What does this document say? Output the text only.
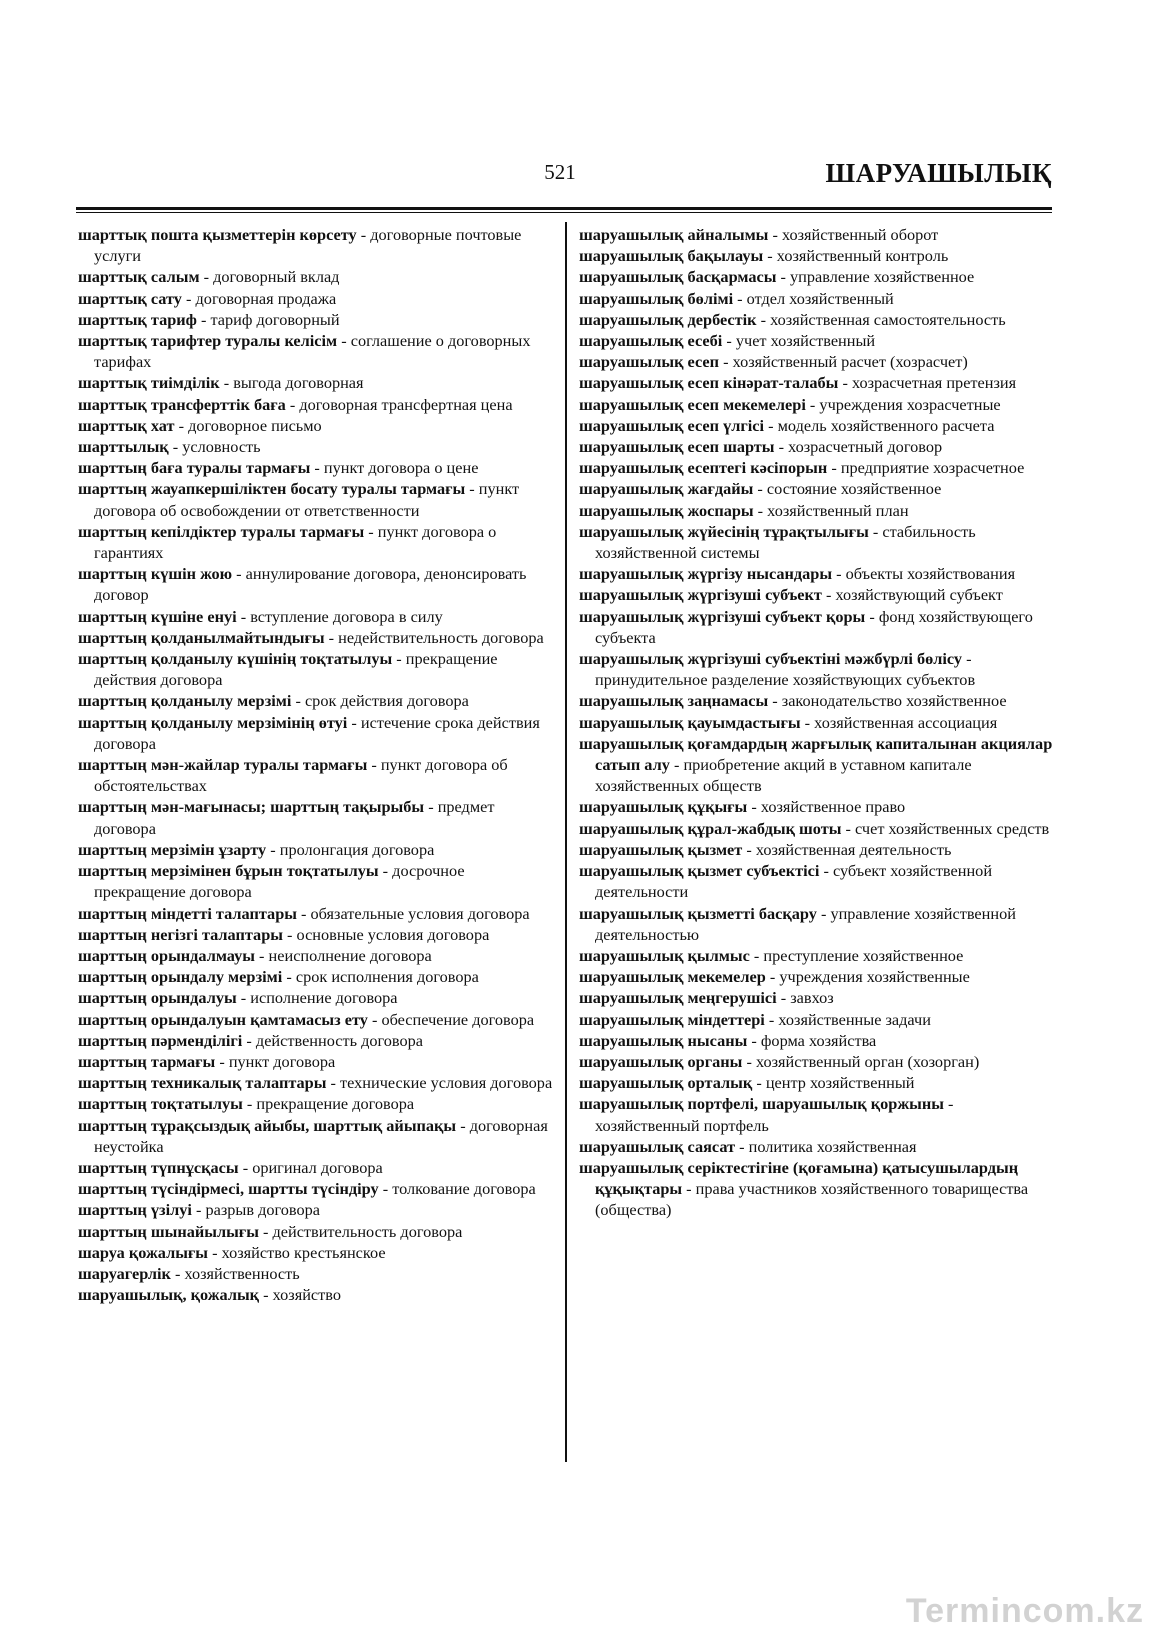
521	ШАРУАШЫЛЫҚ

шарттық пошта қызметтерін көрсету - договорные почтовые услуги

шарттық салым - договорный вклад

шарттық сату - договорная продажа

шарттық тариф - тариф договорный

шарттық тарифтер туралы келісім - соглашение о договорных тарифах

шарттық тиімділік - выгода договорная

шарттық трансферттік баға - договорная трансфертная цена

шарттық хат - договорное письмо

шарттылық - условность

шарттың баға туралы тармағы - пункт договора о цене

шарттың жауапкершіліктен босату туралы тармағы - пункт договора об освобождении от ответственности

шарттың кепілдіктер туралы тармағы - пункт договора о гарантиях

шарттың күшін жою - аннулирование договора, денонсировать договор

шарттың күшіне енуі - вступление договора в силу

шарттың қолданылмайтындығы - недействительность договора

шарттың қолданылу күшінің тоқтатылуы - прекращение действия договора

шарттың қолданылу мерзімі - срок действия договора

шарттың қолданылу мерзімінің өтуі - истечение срока действия договора

шарттың мән-жайлар туралы тармағы - пункт договора об обстоятельствах

шарттың мән-мағынасы; шарттың тақырыбы - предмет договора

шарттың мерзімін ұзарту - пролонгация договора

шарттың мерзімінен бұрын тоқтатылуы - досрочное прекращение договора

шарттың міндетті талаптары - обязательные условия договора

шарттың негізгі талаптары - основные условия договора

шарттың орындалмауы - неисполнение договора

шарттың орындалу мерзімі - срок исполнения договора

шарттың орындалуы - исполнение договора

шарттың орындалуын қамтамасыз ету - обеспечение договора

шарттың пәрменділігі - действенность договора

шарттың тармағы - пункт договора

шарттың техникалық талаптары - технические условия договора

шарттың тоқтатылуы - прекращение договора

шарттың тұрақсыздық айыбы, шарттық айыпақы - договорная неустойка

шарттың түпнұсқасы - оригинал договора

шарттың түсіндірмесі, шартты түсіндіру - толкование договора

шарттың үзілуі - разрыв договора

шарттың шынайылығы - действительность договора

шаруа қожалығы - хозяйство крестьянское

шаруагерлік - хозяйственность

шаруашылық, қожалық - хозяйство

шаруашылық айналымы - хозяйственный оборот

шаруашылық бақылауы - хозяйственный контроль

шаруашылық басқармасы - управление хозяйственное

шаруашылық бөлімі - отдел хозяйственный

шаруашылық дербестік - хозяйственная самостоятельность

шаруашылық есебі - учет хозяйственный

шаруашылық есеп - хозяйственный расчет (хозрасчет)

шаруашылық есеп кінәрат-талабы - хозрасчетная претензия

шаруашылық есеп мекемелері - учреждения хозрасчетные

шаруашылық есеп үлгісі - модель хозяйственного расчета

шаруашылық есеп шарты - хозрасчетный договор

шаруашылық есептегі кәсіпорын - предприятие хозрасчетное

шаруашылық жағдайы - состояние хозяйственное

шаруашылық жоспары - хозяйственный план

шаруашылық жүйесінің тұрақтылығы - стабильность хозяйственной системы

шаруашылық жүргізу нысандары - объекты хозяйствования

шаруашылық жүргізуші субъект - хозяйствующий субъект

шаруашылық жүргізуші субъект қоры - фонд хозяйствующего субъекта

шаруашылық жүргізуші субъектіні мәжбүрлі бөлісу - принудительное разделение хозяйствующих субъектов

шаруашылық заңнамасы - законодательство хозяйственное

шаруашылық қауымдастығы - хозяйственная ассоциация

шаруашылық қоғамдардың жарғылық капиталынан акциялар сатып алу - приобретение акций в уставном капитале хозяйственных обществ

шаруашылық құқығы - хозяйственное право

шаруашылық құрал-жабдық шоты - счет хозяйственных средств

шаруашылық қызмет - хозяйственная деятельность

шаруашылық қызмет субъектісі - субъект хозяйственной деятельности

шаруашылық қызметті басқару - управление хозяйственной деятельностью

шаруашылық қылмыс - преступление хозяйственное

шаруашылық мекемелер - учреждения хозяйственные

шаруашылық меңгерушісі - завхоз

шаруашылық міндеттері - хозяйственные задачи

шаруашылық нысаны - форма хозяйства

шаруашылық органы - хозяйственный орган (хозорган)

шаруашылық орталық - центр хозяйственный

шаруашылық портфелі, шаруашылық қоржыны - хозяйственный портфель

шаруашылық саясат - политика хозяйственная

шаруашылық серіктестігіне (қоғамына) қатысушылардың құқықтары - права участников хозяйственного товарищества (общества)

Termincom.kz
